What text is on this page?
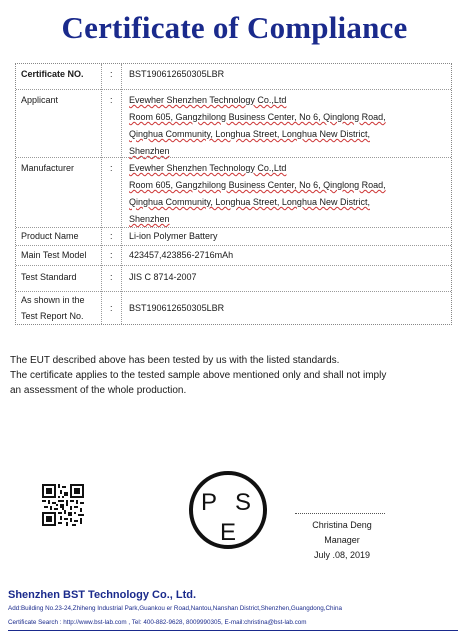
Certificate of Compliance
Certificate NO.	: BST190612650305LBR
Applicant	: Evewher Shenzhen Technology Co.,Ltd
Room 605, Gangzhilong Business Center, No 6, Qinglong Road,
Qinghua Community, Longhua Street, Longhua New District,
Shenzhen
Manufacturer	: Evewher Shenzhen Technology Co.,Ltd
Room 605, Gangzhilong Business Center, No 6, Qinglong Road,
Qinghua Community, Longhua Street, Longhua New District,
Shenzhen
Product Name	: Li-ion Polymer Battery
Main Test Model	: 423457,423856-2716mAh
Test Standard	: JIS C 8714-2007
As shown in the
Test Report No.
: BST190612650305LBR

The EUT described above has been tested by us with the listed standards.

The certificate applies to the tested sample above mentioned only and shall not imply

an assessment of the whole production.

P S
E	Christina Deng
Manager
July .08, 2019
Shenzhen BST Technology Co., Ltd.
Add:Building No.23-24,Zhiheng Industrial Park,Guankou er Road,Nantou,Nanshan District,Shenzhen,Guangdong,China
Certificate Search : http://www.bst-lab.com , Tel: 400-882-9628, 8009990305, E-mail:christina@bst-lab.com
